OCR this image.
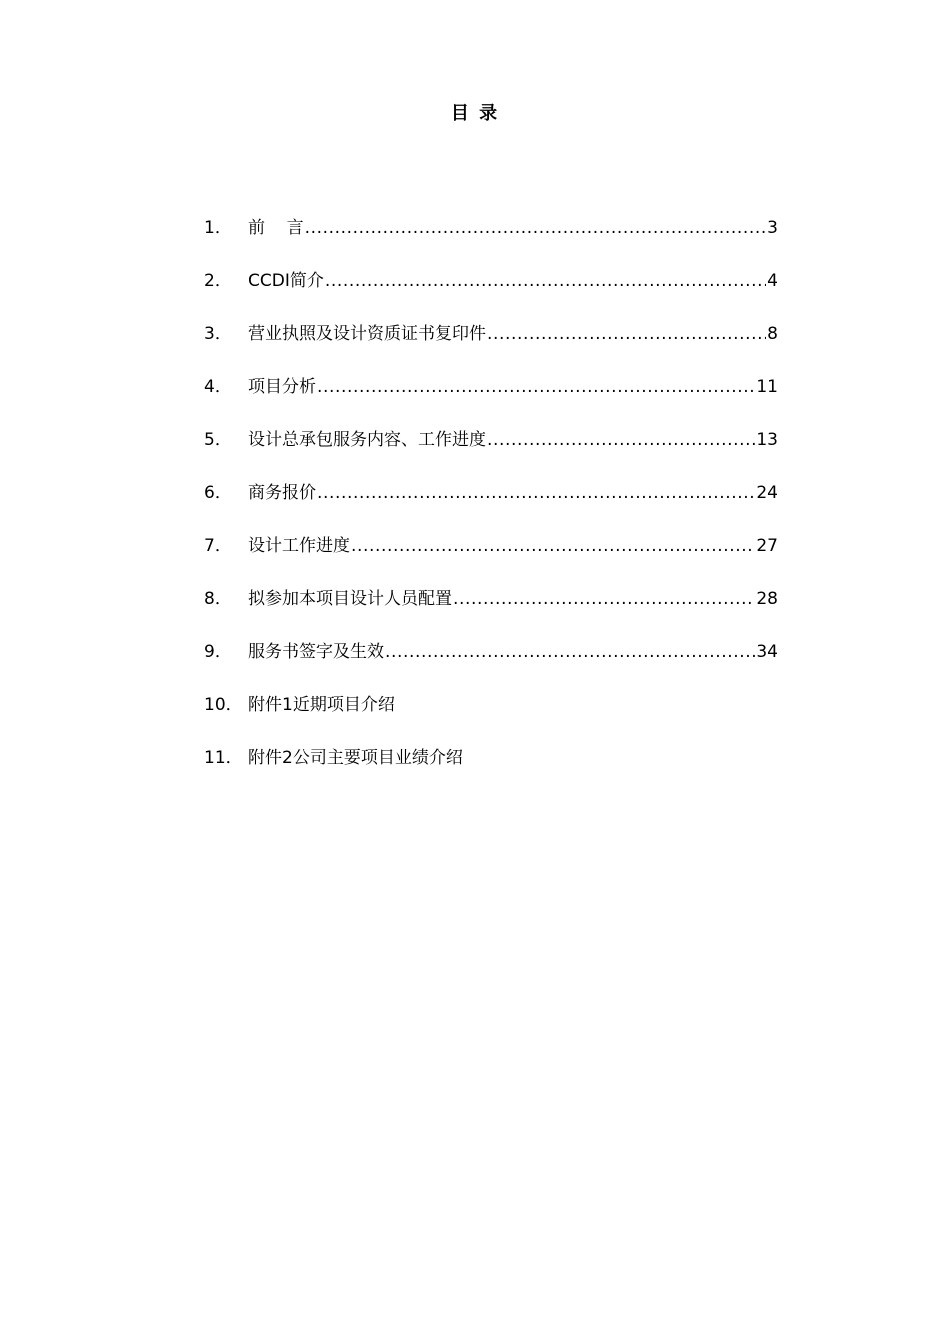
目 录
1． 前    言 .....	3
2． CCDI简介 .....	4
3． 营业执照及设计资质证书复印件 .....	8
4． 项目分析 .....	11
5． 设计总承包服务内容、工作进度 .....	13
6． 商务报价 .....	24
7． 设计工作进度 .....	27
8． 拟参加本项目设计人员配置 .....	28
9． 服务书签字及生效 .....	34
10． 附件1近期项目介绍
11． 附件2公司主要项目业绩介绍
